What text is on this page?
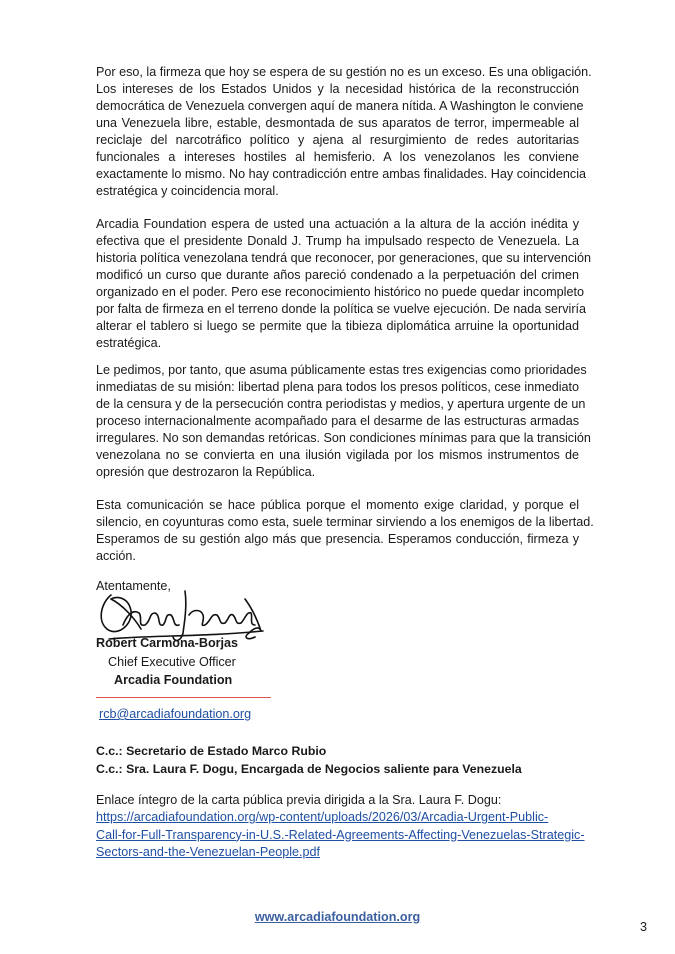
Por eso, la firmeza que hoy se espera de su gestión no es un exceso. Es una obligación.
Los intereses de los Estados Unidos y la necesidad histórica de la reconstrucción
democrática de Venezuela convergen aquí de manera nítida. A Washington le conviene
una Venezuela libre, estable, desmontada de sus aparatos de terror, impermeable al
reciclaje del narcotráfico político y ajena al resurgimiento de redes autoritarias
funcionales a intereses hostiles al hemisferio. A los venezolanos les conviene
exactamente lo mismo. No hay contradicción entre ambas finalidades. Hay coincidencia
estratégica y coincidencia moral.

Arcadia Foundation espera de usted una actuación a la altura de la acción inédita y
efectiva que el presidente Donald J. Trump ha impulsado respecto de Venezuela. La
historia política venezolana tendrá que reconocer, por generaciones, que su intervención
modificó un curso que durante años pareció condenado a la perpetuación del crimen
organizado en el poder. Pero ese reconocimiento histórico no puede quedar incompleto
por falta de firmeza en el terreno donde la política se vuelve ejecución. De nada serviría
alterar el tablero si luego se permite que la tibieza diplomática arruine la oportunidad
estratégica.

Le pedimos, por tanto, que asuma públicamente estas tres exigencias como prioridades
inmediatas de su misión: libertad plena para todos los presos políticos, cese inmediato
de la censura y de la persecución contra periodistas y medios, y apertura urgente de un
proceso internacionalmente acompañado para el desarme de las estructuras armadas
irregulares. No son demandas retóricas. Son condiciones mínimas para que la transición
venezolana no se convierta en una ilusión vigilada por los mismos instrumentos de
opresión que destrozaron la República.

Esta comunicación se hace pública porque el momento exige claridad, y porque el
silencio, en coyunturas como esta, suele terminar sirviendo a los enemigos de la libertad.
Esperamos de su gestión algo más que presencia. Esperamos conducción, firmeza y
acción.

Atentamente,
Robert Carmona-Borjas
Chief Executive Officer
Arcadia Foundation
rcb@arcadiafoundation.org
C.c.: Secretario de Estado Marco Rubio
C.c.: Sra. Laura F. Dogu, Encargada de Negocios saliente para Venezuela
Enlace íntegro de la carta pública previa dirigida a la Sra. Laura F. Dogu:
https://arcadiafoundation.org/wp-content/uploads/2026/03/Arcadia-Urgent-Public-
Call-for-Full-Transparency-in-U.S.-Related-Agreements-Affecting-Venezuelas-Strategic-
Sectors-and-the-Venezuelan-People.pdf
www.arcadiafoundation.org
3
